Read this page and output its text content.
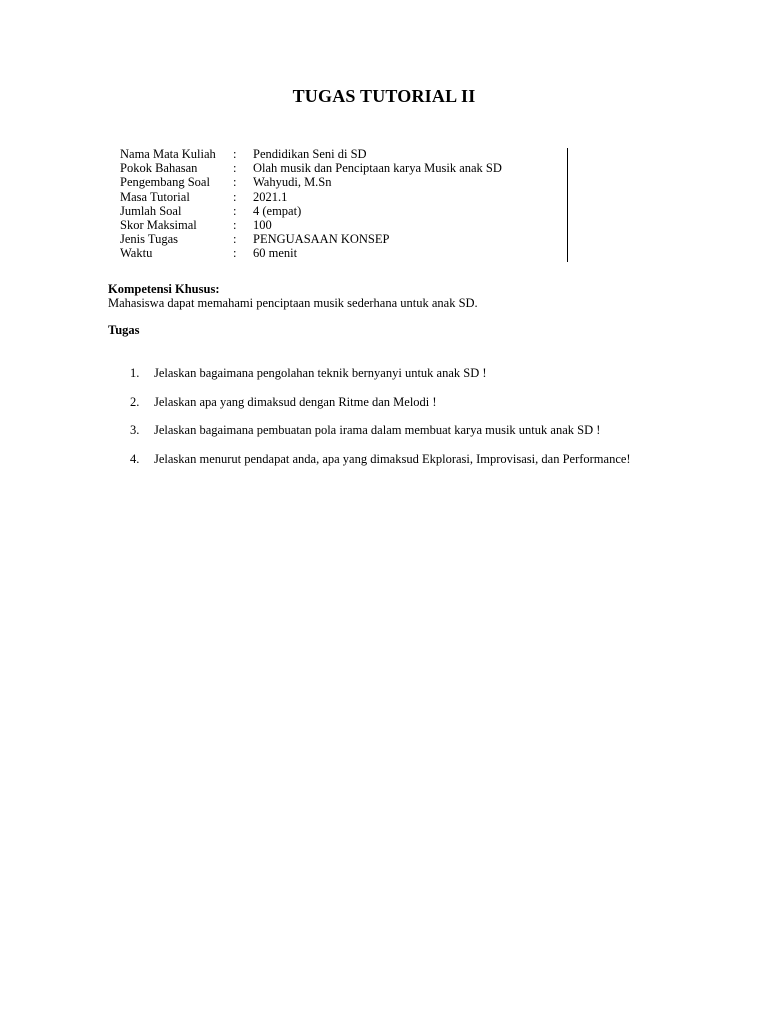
TUGAS TUTORIAL II
Nama Mata Kuliah	:	Pendidikan Seni di SD
Pokok Bahasan	:	Olah musik dan Penciptaan karya Musik anak SD
Pengembang Soal	:	Wahyudi, M.Sn
Masa Tutorial	:	2021.1
Jumlah Soal	:	4 (empat)
Skor Maksimal	:	100
Jenis Tugas	:	PENGUASAAN KONSEP
Waktu	:	60 menit
Kompetensi Khusus:
Mahasiswa dapat memahami penciptaan musik sederhana untuk anak SD.
Tugas
1.	Jelaskan bagaimana pengolahan teknik bernyanyi untuk anak SD !
2.	Jelaskan apa yang dimaksud dengan Ritme dan Melodi !
3.	Jelaskan bagaimana pembuatan pola irama dalam membuat karya musik untuk anak SD !
4.	Jelaskan menurut pendapat anda, apa yang dimaksud Ekplorasi, Improvisasi, dan Performance!
